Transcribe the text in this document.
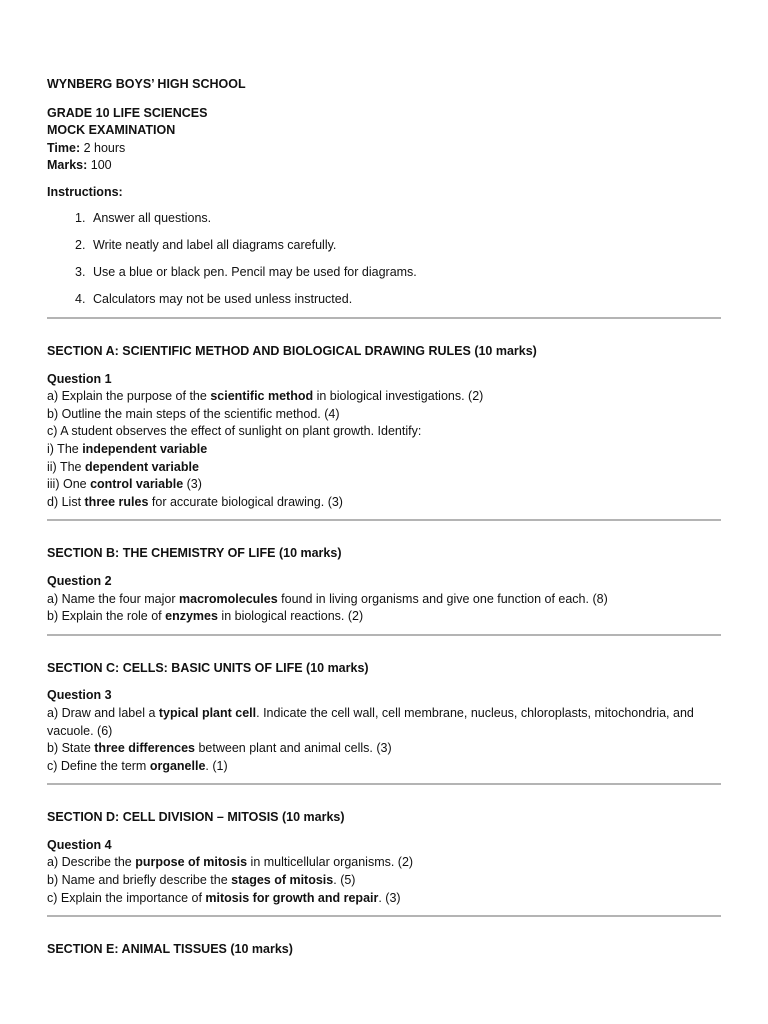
WYNBERG BOYS’ HIGH SCHOOL

GRADE 10 LIFE SCIENCES

MOCK EXAMINATION

Time: 2 hours

Marks: 100

Instructions:

1. Answer all questions.
2. Write neatly and label all diagrams carefully.
3. Use a blue or black pen. Pencil may be used for diagrams.
4. Calculators may not be used unless instructed.

SECTION A: SCIENTIFIC METHOD AND BIOLOGICAL DRAWING RULES (10 marks)

Question 1

a) Explain the purpose of the scientific method in biological investigations. (2)

b) Outline the main steps of the scientific method. (4)

c) A student observes the effect of sunlight on plant growth. Identify:

i) The independent variable

ii) The dependent variable

iii) One control variable (3)

d) List three rules for accurate biological drawing. (3)

SECTION B: THE CHEMISTRY OF LIFE (10 marks)

Question 2

a) Name the four major macromolecules found in living organisms and give one function of each. (8)

b) Explain the role of enzymes in biological reactions. (2)

SECTION C: CELLS: BASIC UNITS OF LIFE (10 marks)

Question 3

a) Draw and label a typical plant cell. Indicate the cell wall, cell membrane, nucleus, chloroplasts, mitochondria, and vacuole. (6)

b) State three differences between plant and animal cells. (3)

c) Define the term organelle. (1)

SECTION D: CELL DIVISION – MITOSIS (10 marks)

Question 4

a) Describe the purpose of mitosis in multicellular organisms. (2)

b) Name and briefly describe the stages of mitosis. (5)

c) Explain the importance of mitosis for growth and repair. (3)

SECTION E: ANIMAL TISSUES (10 marks)
